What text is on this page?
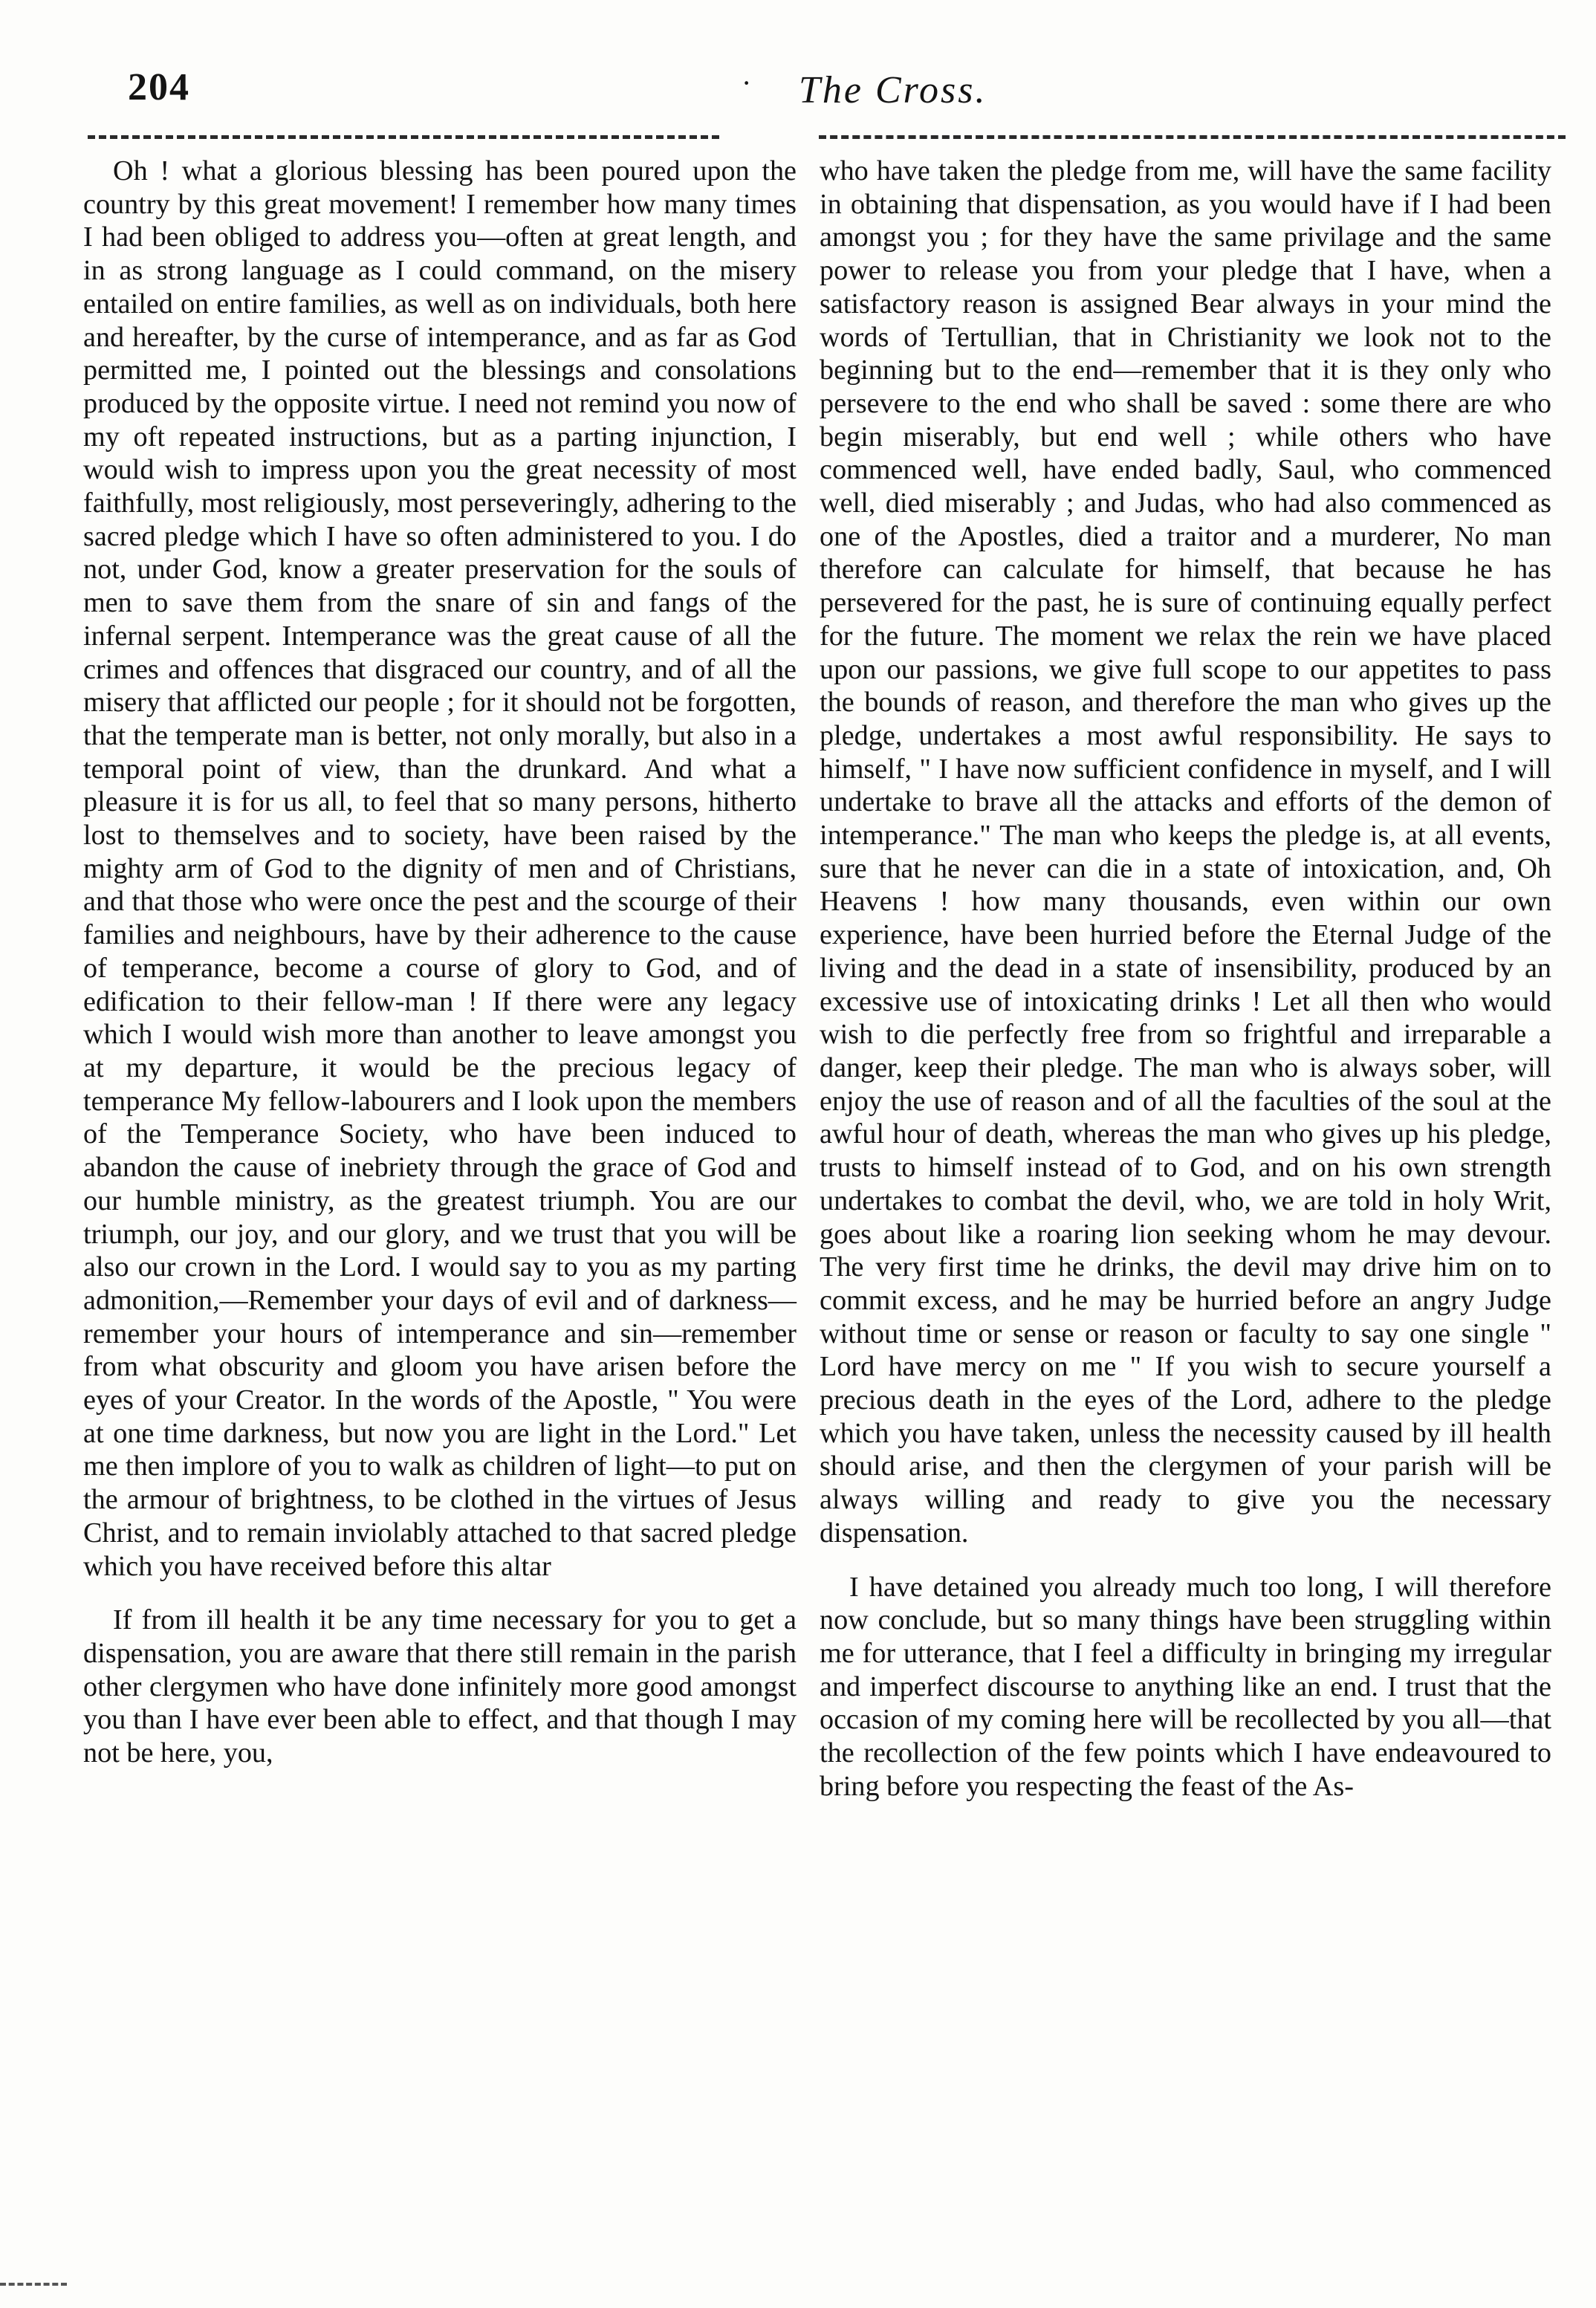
204	· The Cross.

Oh ! what a glorious blessing has been poured upon the country by this great movement! I remember how many times I had been obliged to address you—often at great length, and in as strong language as I could command, on the misery entailed on entire families, as well as on individuals, both here and hereafter, by the curse of intemperance, and as far as God permitted me, I pointed out the blessings and consolations produced by the opposite virtue. I need not remind you now of my oft repeated instructions, but as a parting injunction, I would wish to impress upon you the great necessity of most faithfully, most religiously, most perseveringly, adhering to the sacred pledge which I have so often administered to you. I do not, under God, know a greater preservation for the souls of men to save them from the snare of sin and fangs of the infernal serpent. Intemperance was the great cause of all the crimes and offences that disgraced our country, and of all the misery that afflicted our people ; for it should not be forgotten, that the temperate man is better, not only morally, but also in a temporal point of view, than the drunkard. And what a pleasure it is for us all, to feel that so many persons, hitherto lost to themselves and to society, have been raised by the mighty arm of God to the dignity of men and of Christians, and that those who were once the pest and the scourge of their families and neighbours, have by their adherence to the cause of temperance, become a course of glory to God, and of edification to their fellow-man ! If there were any legacy which I would wish more than another to leave amongst you at my departure, it would be the precious legacy of temperance My fellow-labourers and I look upon the members of the Temperance Society, who have been induced to abandon the cause of inebriety through the grace of God and our humble ministry, as the greatest triumph. You are our triumph, our joy, and our glory, and we trust that you will be also our crown in the Lord. I would say to you as my parting admonition,—Remember your days of evil and of darkness—remember your hours of intemperance and sin—remember from what obscurity and gloom you have arisen before the eyes of your Creator. In the words of the Apostle, " You were at one time darkness, but now you are light in the Lord." Let me then implore of you to walk as children of light—to put on the armour of brightness, to be clothed in the virtues of Jesus Christ, and to remain inviolably attached to that sacred pledge which you have received before this altar

If from ill health it be any time necessary for you to get a dispensation, you are aware that there still remain in the parish other clergymen who have done infinitely more good amongst you than I have ever been able to effect, and that though I may not be here, you,

who have taken the pledge from me, will have the same facility in obtaining that dispensation, as you would have if I had been amongst you ; for they have the same privilage and the same power to release you from your pledge that I have, when a satisfactory reason is assigned Bear always in your mind the words of Tertullian, that in Christianity we look not to the beginning but to the end—remember that it is they only who persevere to the end who shall be saved : some there are who begin miserably, but end well ; while others who have commenced well, have ended badly, Saul, who commenced well, died miserably ; and Judas, who had also commenced as one of the Apostles, died a traitor and a murderer, No man therefore can calculate for himself, that because he has persevered for the past, he is sure of continuing equally perfect for the future. The moment we relax the rein we have placed upon our passions, we give full scope to our appetites to pass the bounds of reason, and therefore the man who gives up the pledge, undertakes a most awful responsibility. He says to himself, " I have now sufficient confidence in myself, and I will undertake to brave all the attacks and efforts of the demon of intemperance." The man who keeps the pledge is, at all events, sure that he never can die in a state of intoxication, and, Oh Heavens ! how many thousands, even within our own experience, have been hurried before the Eternal Judge of the living and the dead in a state of insensibility, produced by an excessive use of intoxicating drinks ! Let all then who would wish to die perfectly free from so frightful and irreparable a danger, keep their pledge. The man who is always sober, will enjoy the use of reason and of all the faculties of the soul at the awful hour of death, whereas the man who gives up his pledge, trusts to himself instead of to God, and on his own strength undertakes to combat the devil, who, we are told in holy Writ, goes about like a roaring lion seeking whom he may devour. The very first time he drinks, the devil may drive him on to commit excess, and he may be hurried before an angry Judge without time or sense or reason or faculty to say one single " Lord have mercy on me " If you wish to secure yourself a precious death in the eyes of the Lord, adhere to the pledge which you have taken, unless the necessity caused by ill health should arise, and then the clergymen of your parish will be always willing and ready to give you the necessary dispensation.

I have detained you already much too long, I will therefore now conclude, but so many things have been struggling within me for utterance, that I feel a difficulty in bringing my irregular and imperfect discourse to anything like an end. I trust that the occasion of my coming here will be recollected by you all—that the recollection of the few points which I have endeavoured to bring before you respecting the feast of the As-
